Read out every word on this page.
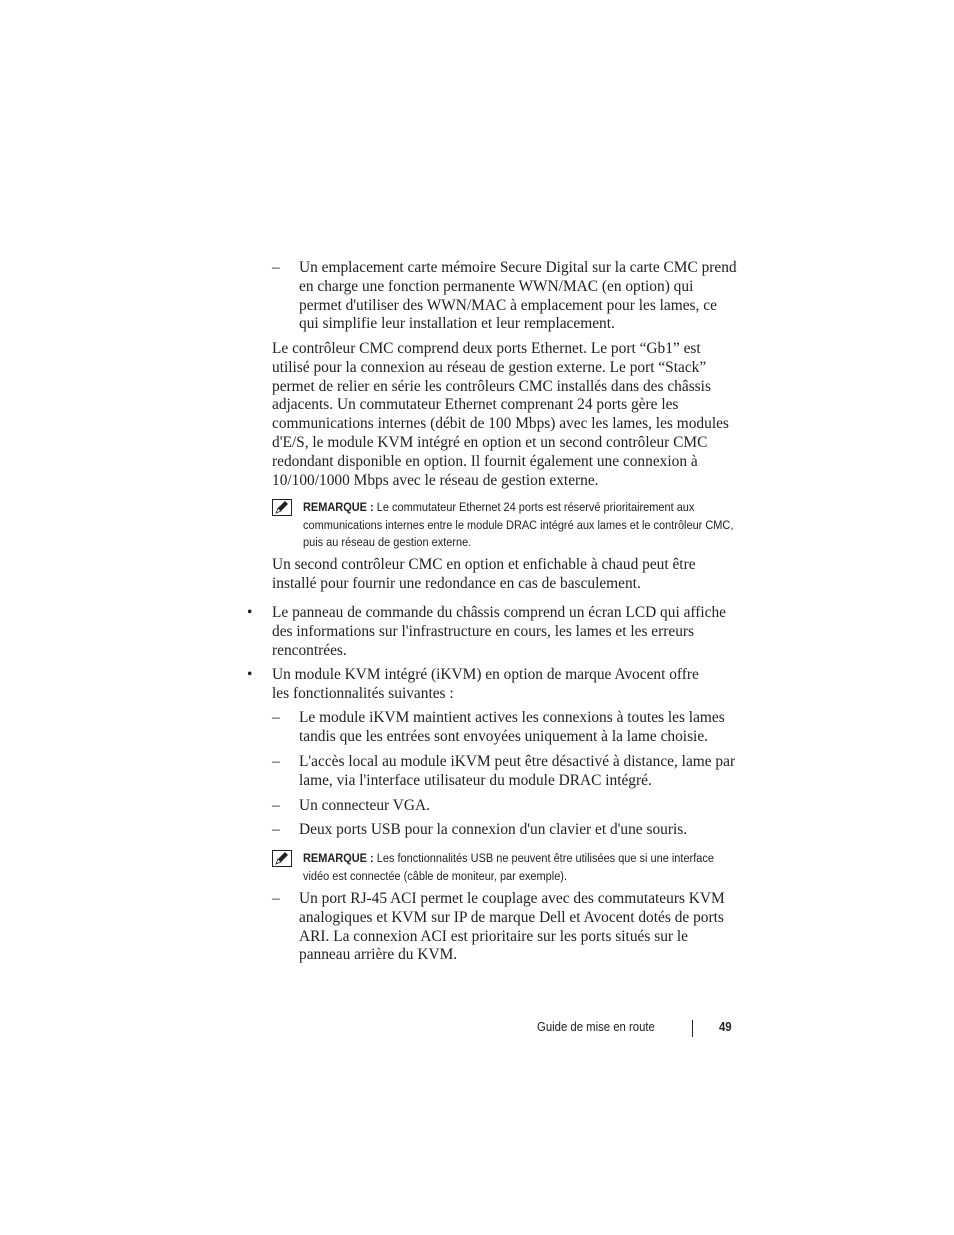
– Un emplacement carte mémoire Secure Digital sur la carte CMC prend en charge une fonction permanente WWN/MAC (en option) qui permet d'utiliser des WWN/MAC à emplacement pour les lames, ce qui simplifie leur installation et leur remplacement.

Le contrôleur CMC comprend deux ports Ethernet. Le port “Gb1” est utilisé pour la connexion au réseau de gestion externe. Le port “Stack” permet de relier en série les contrôleurs CMC installés dans des châssis adjacents. Un commutateur Ethernet comprenant 24 ports gère les communications internes (débit de 100 Mbps) avec les lames, les modules d'E/S, le module KVM intégré en option et un second contrôleur CMC redondant disponible en option. Il fournit également une connexion à 10/100/1000 Mbps avec le réseau de gestion externe.

REMARQUE : Le commutateur Ethernet 24 ports est réservé prioritairement aux communications internes entre le module DRAC intégré aux lames et le contrôleur CMC, puis au réseau de gestion externe.

Un second contrôleur CMC en option et enfichable à chaud peut être installé pour fournir une redondance en cas de basculement.

• Le panneau de commande du châssis comprend un écran LCD qui affiche des informations sur l'infrastructure en cours, les lames et les erreurs rencontrées.

• Un module KVM intégré (iKVM) en option de marque Avocent offre les fonctionnalités suivantes :

– Le module iKVM maintient actives les connexions à toutes les lames tandis que les entrées sont envoyées uniquement à la lame choisie.

– L'accès local au module iKVM peut être désactivé à distance, lame par lame, via l'interface utilisateur du module DRAC intégré.

– Un connecteur VGA.

– Deux ports USB pour la connexion d'un clavier et d'une souris.

REMARQUE : Les fonctionnalités USB ne peuvent être utilisées que si une interface vidéo est connectée (câble de moniteur, par exemple).
– Un port RJ-45 ACI permet le couplage avec des commutateurs KVM analogiques et KVM sur IP de marque Dell et Avocent dotés de ports ARI. La connexion ACI est prioritaire sur les ports situés sur le panneau arrière du KVM.

Guide de mise en route	49
